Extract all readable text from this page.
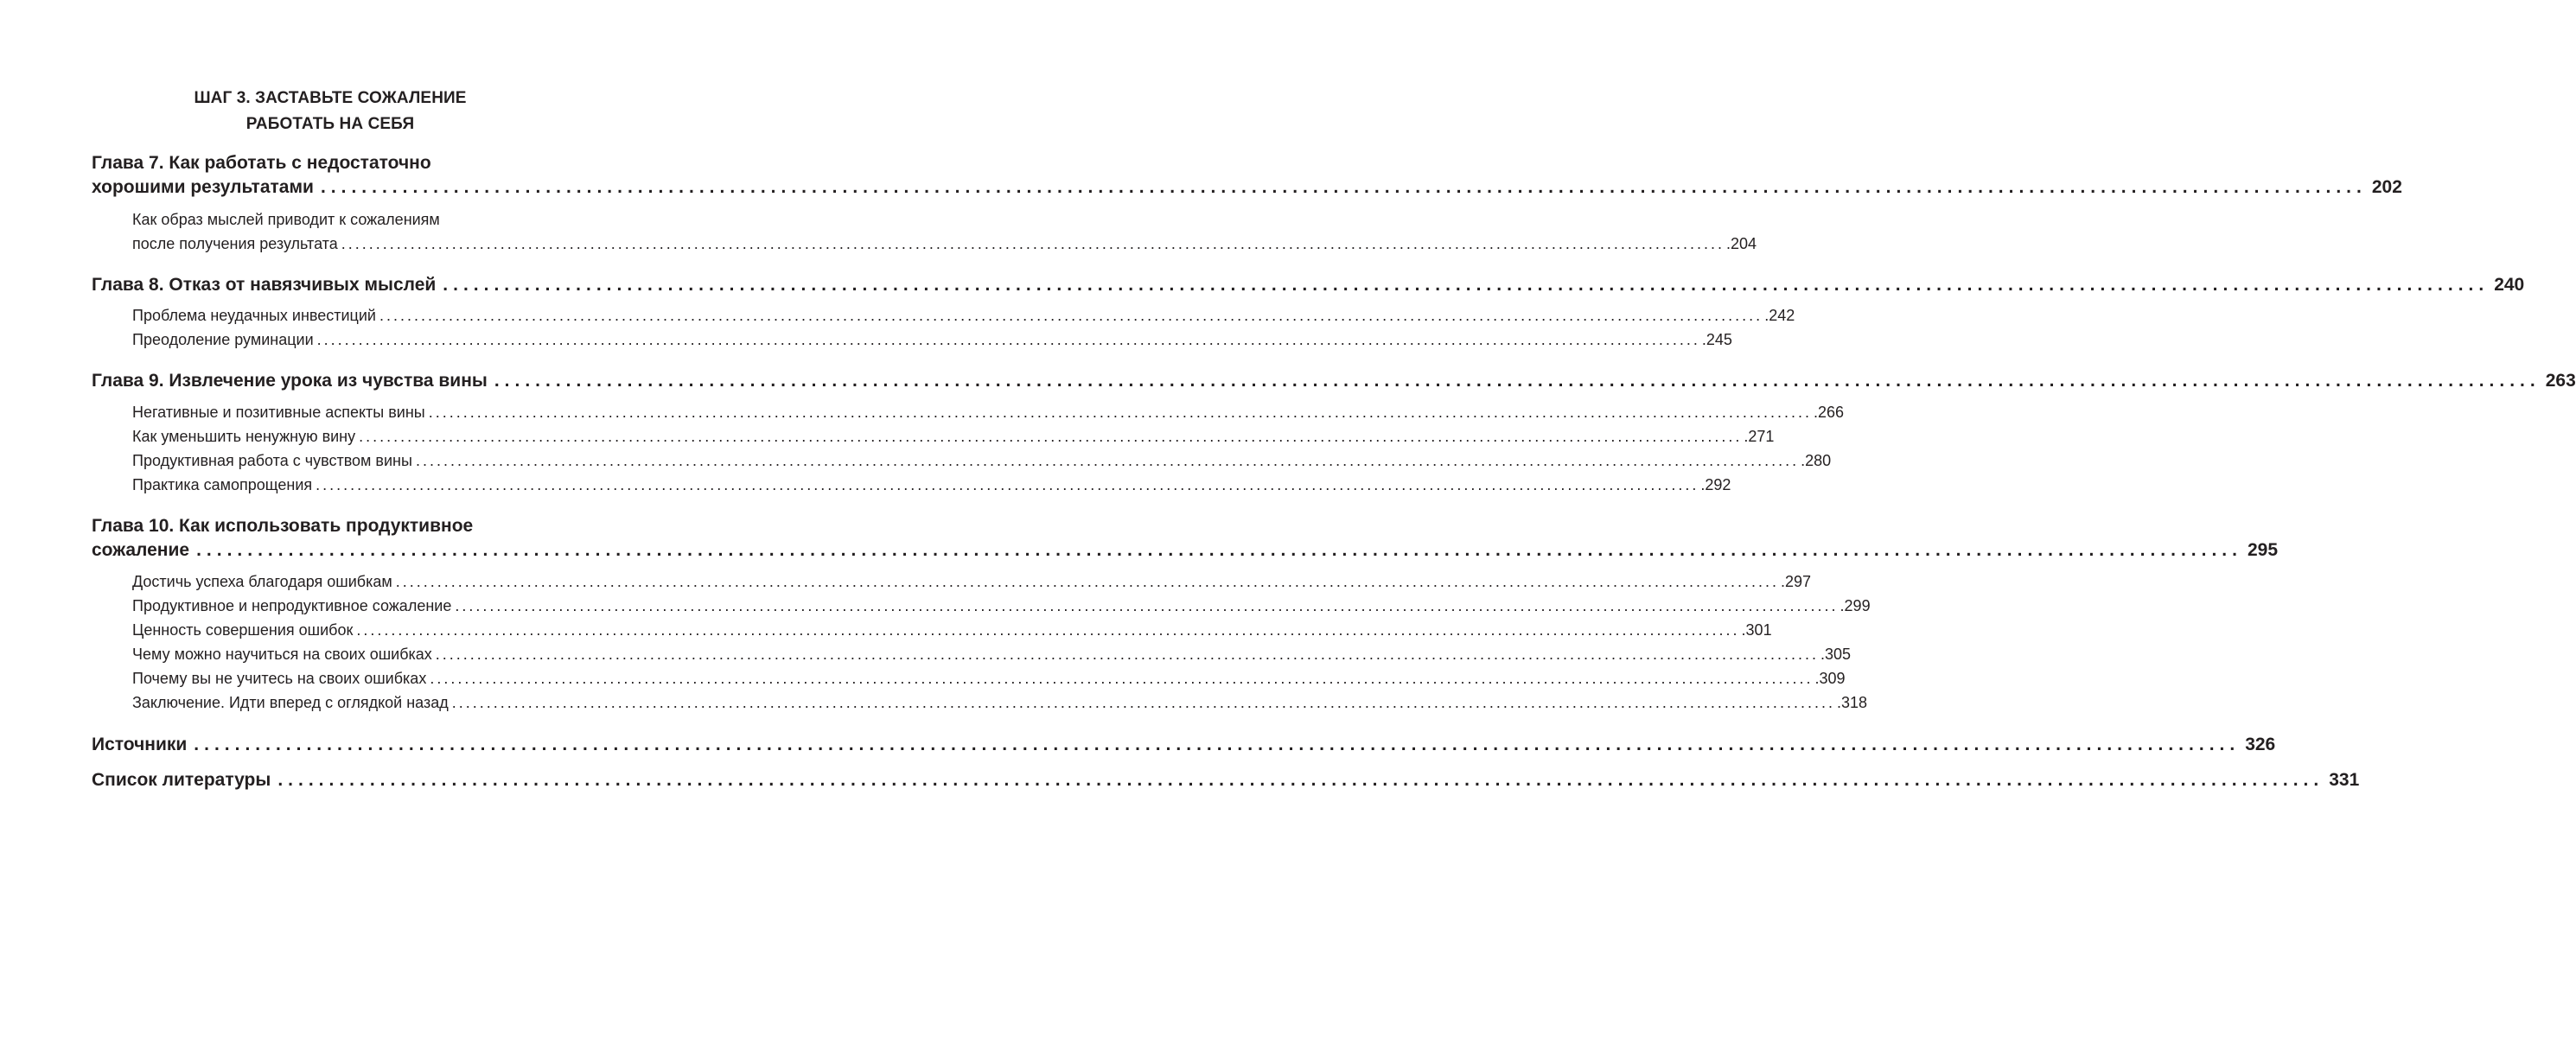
ШАГ 3. ЗАСТАВЬТЕ СОЖАЛЕНИЕ
РАБОТАТЬ НА СЕБЯ
Глава 7. Как работать с недостаточно
хорошими результатами ........................................................................................................................................................................................................ 202
Как образ мыслей приводит к сожалениям
после получения результата ........................................................................................................................................................................................................ .204
Глава 8. Отказ от навязчивых мыслей ........................................................................................................................................................................................................ 240
Проблема неудачных инвестиций ........................................................................................................................................................................................................ .242
Преодоление руминации ........................................................................................................................................................................................................ .245
Глава 9. Извлечение урока из чувства вины ........................................................................................................................................................................................................ 263
Негативные и позитивные аспекты вины ........................................................................................................................................................................................................ .266
Как уменьшить ненужную вину ........................................................................................................................................................................................................ .271
Продуктивная работа с чувством вины ........................................................................................................................................................................................................ .280
Практика самопрощения ........................................................................................................................................................................................................ .292
Глава 10. Как использовать продуктивное
сожаление ........................................................................................................................................................................................................ 295
Достичь успеха благодаря ошибкам ........................................................................................................................................................................................................ .297
Продуктивное и непродуктивное сожаление ........................................................................................................................................................................................................ .299
Ценность совершения ошибок ........................................................................................................................................................................................................ .301
Чему можно научиться на своих ошибках ........................................................................................................................................................................................................ .305
Почему вы не учитесь на своих ошибках ........................................................................................................................................................................................................ .309
Заключение. Идти вперед с оглядкой назад ........................................................................................................................................................................................................ .318
Источники ........................................................................................................................................................................................................ 326
Список литературы ........................................................................................................................................................................................................ 331
